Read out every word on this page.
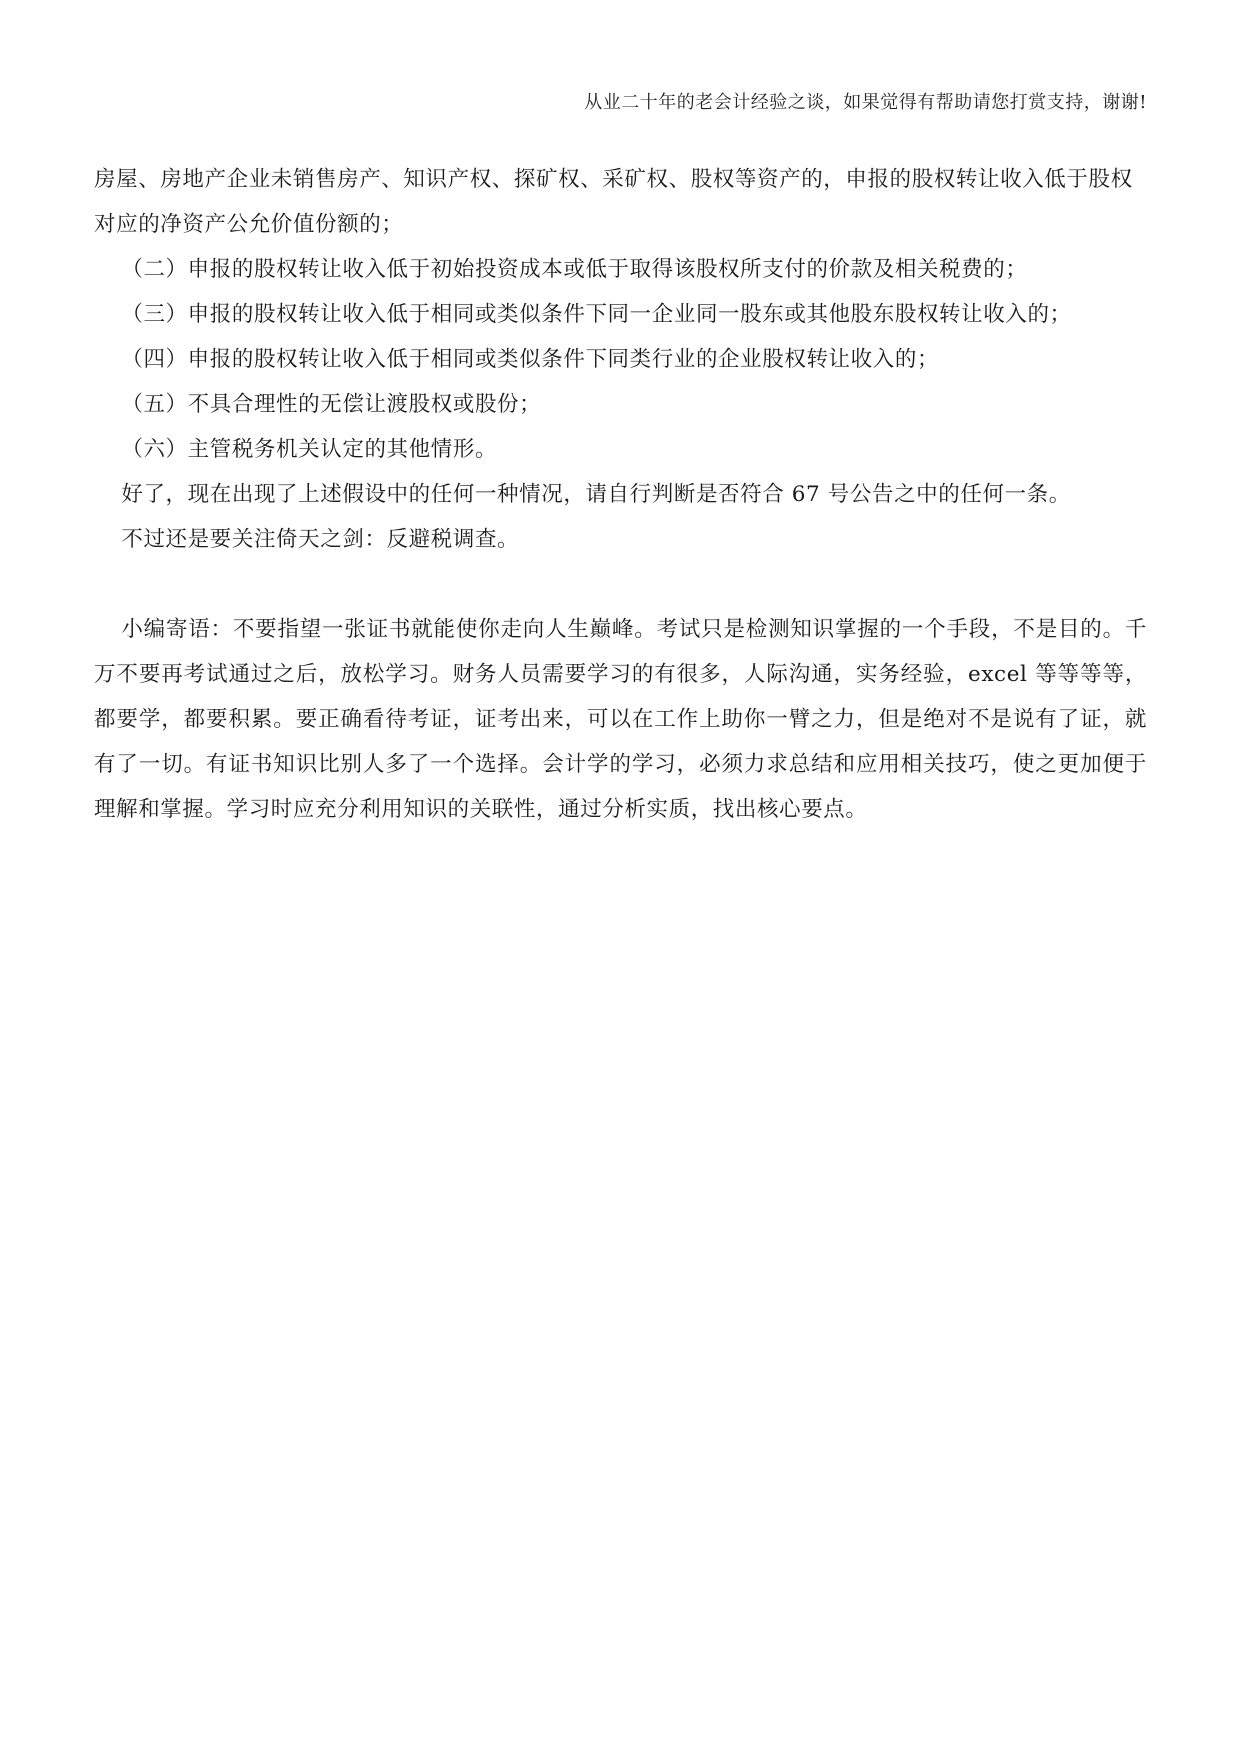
从业二十年的老会计经验之谈，如果觉得有帮助请您打赏支持，谢谢!

房屋、房地产企业未销售房产、知识产权、探矿权、采矿权、股权等资产的，申报的股权转让收入低于股权对应的净资产公允价值份额的；

（二）申报的股权转让收入低于初始投资成本或低于取得该股权所支付的价款及相关税费的；

（三）申报的股权转让收入低于相同或类似条件下同一企业同一股东或其他股东股权转让收入的；

（四）申报的股权转让收入低于相同或类似条件下同类行业的企业股权转让收入的；

（五）不具合理性的无偿让渡股权或股份；

（六）主管税务机关认定的其他情形。

好了，现在出现了上述假设中的任何一种情况，请自行判断是否符合 67 号公告之中的任何一条。

不过还是要关注倚天之剑：反避税调查。

小编寄语：不要指望一张证书就能使你走向人生巅峰。考试只是检测知识掌握的一个手段，不是目的。千万不要再考试通过之后，放松学习。财务人员需要学习的有很多，人际沟通，实务经验，excel 等等等等，都要学，都要积累。要正确看待考证，证考出来，可以在工作上助你一臂之力，但是绝对不是说有了证，就有了一切。有证书知识比别人多了一个选择。会计学的学习，必须力求总结和应用相关技巧，使之更加便于理解和掌握。学习时应充分利用知识的关联性，通过分析实质，找出核心要点。
